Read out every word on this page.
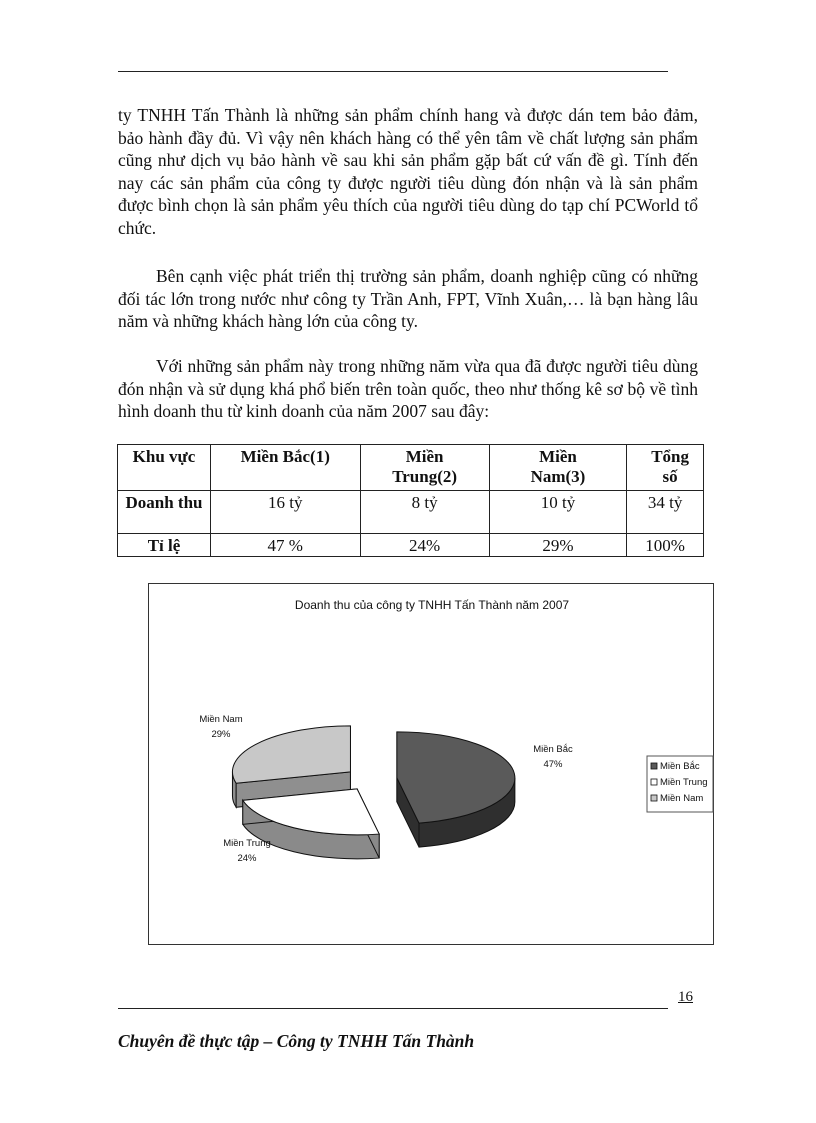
ty TNHH Tấn Thành là những sản phẩm chính hang và được dán tem bảo đảm, bảo hành đầy đủ. Vì vậy nên khách hàng có thể yên tâm về chất lượng sản phẩm cũng như dịch vụ bảo hành về sau khi sản phẩm gặp bất cứ vấn đề gì. Tính đến nay các sản phẩm của công ty được người tiêu dùng đón nhận và là sản phẩm được bình chọn là sản phẩm yêu thích của người tiêu dùng do tạp chí PCWorld tổ chức.
Bên cạnh việc phát triển thị trường sản phẩm, doanh nghiệp cũng có những đối tác lớn trong nước như công ty Trần Anh, FPT, Vĩnh Xuân,… là bạn hàng lâu năm và những khách hàng lớn của công ty.
Với những sản phẩm này trong những năm vừa qua đã được người tiêu dùng đón nhận và sử dụng khá phổ biến trên toàn quốc, theo như thống kê sơ bộ về tình hình doanh thu từ kinh doanh của năm 2007 sau đây:
Khu vực	Miền Bắc(1)	Miền Trung(2)	Miền Nam(3)	Tổng số
Doanh thu	16 tỷ	8 tỷ	10 tỷ	34 tỷ
Tỉ lệ	47 %	24%	29%	100%
Doanh thu của công ty TNHH Tấn Thành năm 2007
Miền Bắc
47%
Miền Trung
24%
Miền Nam
29%
Miền Bắc
Miền Trung
Miền Nam
16
Chuyên đề thực tập – Công ty TNHH Tấn Thành
